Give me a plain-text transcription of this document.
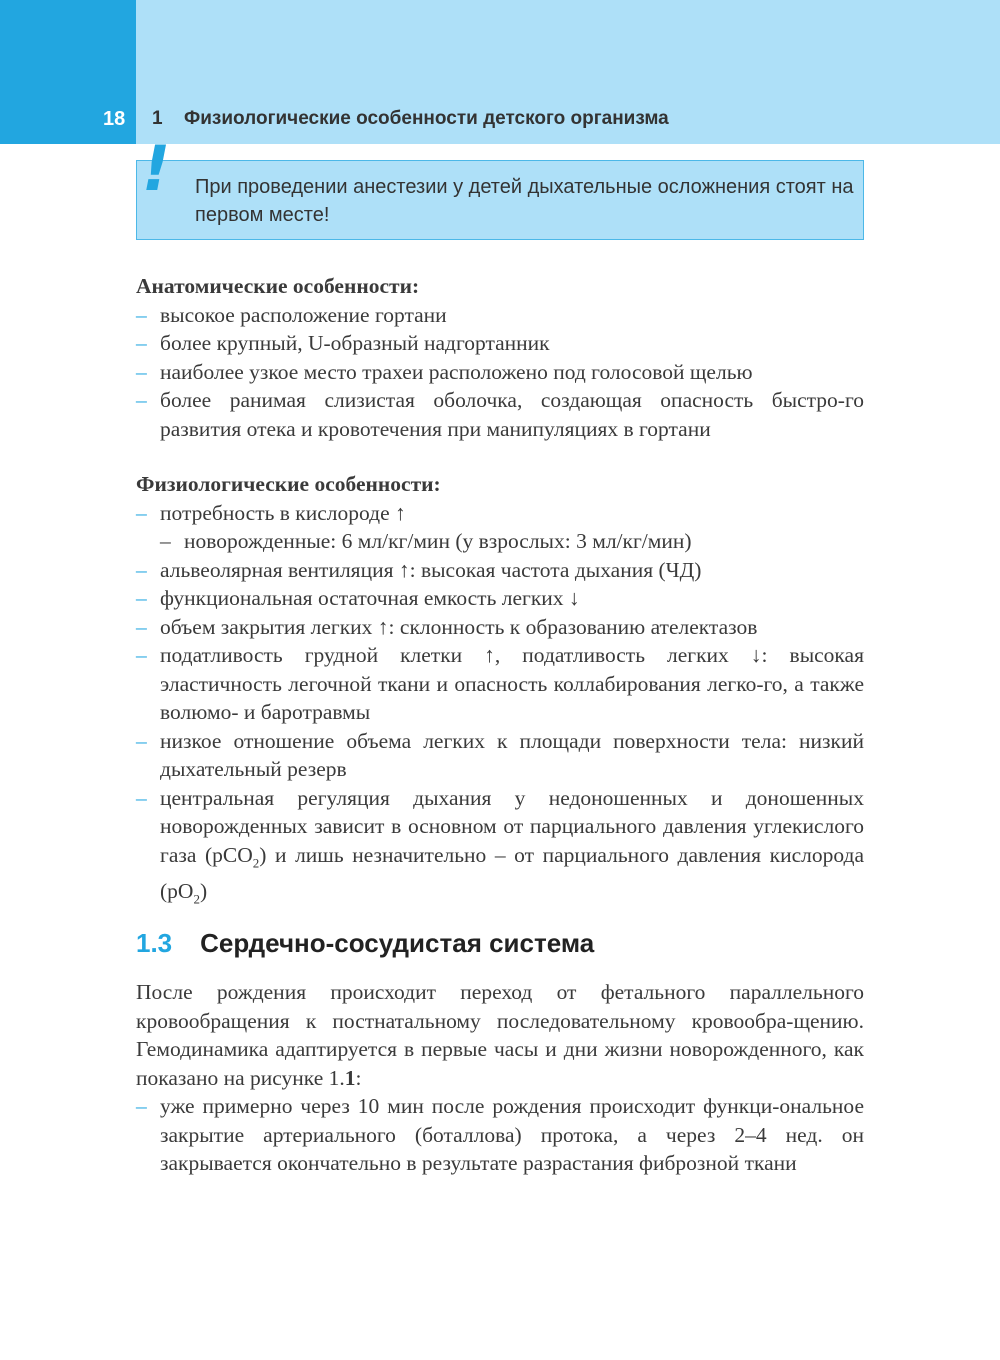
18 1 Физиологические особенности детского организма
! При проведении анестезии у детей дыхательные осложнения стоят на первом месте!
Анатомические особенности:
– высокое расположение гортани
– более крупный, U-образный надгортанник
– наиболее узкое место трахеи расположено под голосовой щелью
– более ранимая слизистая оболочка, создающая опасность быстро-го развития отека и кровотечения при манипуляциях в гортани
Физиологические особенности:
– потребность в кислороде ↑
– новорожденные: 6 мл/кг/мин (у взрослых: 3 мл/кг/мин)
– альвеолярная вентиляция ↑: высокая частота дыхания (ЧД)
– функциональная остаточная емкость легких ↓
– объем закрытия легких ↑: склонность к образованию ателектазов
– податливость грудной клетки ↑, податливость легких ↓: высокая эластичность легочной ткани и опасность коллабирования легко-го, а также волюмо- и баротравмы
– низкое отношение объема легких к площади поверхности тела: низкий дыхательный резерв
– центральная регуляция дыхания у недоношенных и доношенных новорожденных зависит в основном от парциального давления углекислого газа (pCO$_2$) и лишь незначительно – от парциального давления кислорода $(pO_2)$
1.3 Сердечно-сосудистая система
После рождения происходит переход от фетального параллельного кровообращения к постнатальному последовательному кровообра-щению. Гемодинамика адаптируется в первые часы и дни жизни новорожденного, как показано на рисунке 1.1:
– уже примерно через 10 мин после рождения происходит функци-ональное закрытие артериального (боталлова) протока, а через 2–4 нед. он закрывается окончательно в результате разрастания фиброзной ткани
